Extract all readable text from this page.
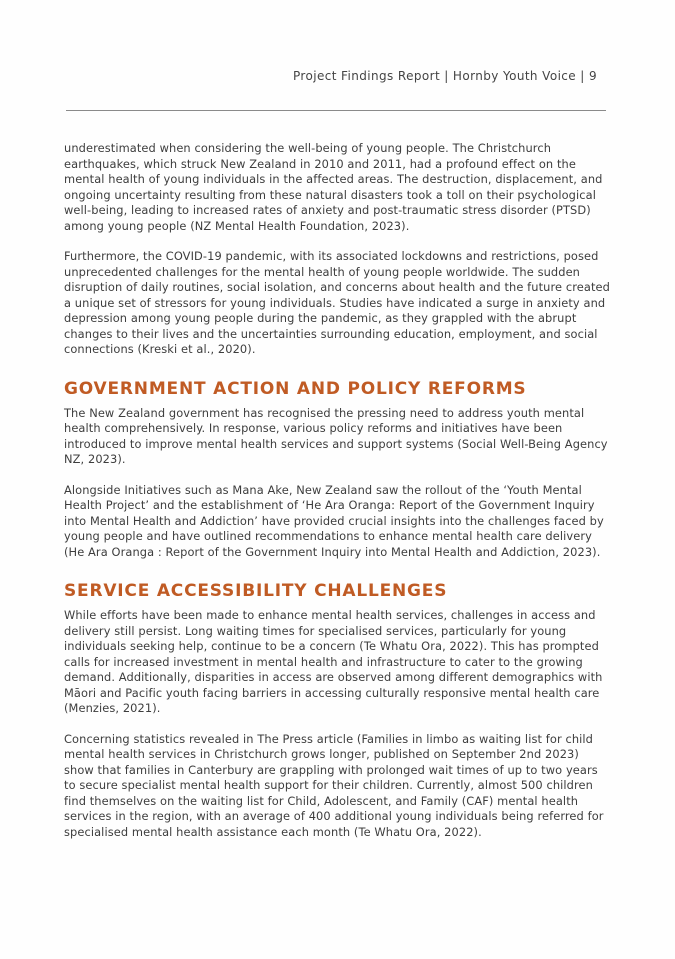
Project Findings Report | Hornby Youth Voice | 9

underestimated when considering the well-being of young people. The Christchurch earthquakes, which struck New Zealand in 2010 and 2011, had a profound effect on the mental health of young individuals in the affected areas. The destruction, displacement, and ongoing uncertainty resulting from these natural disasters took a toll on their psychological well-being, leading to increased rates of anxiety and post-traumatic stress disorder (PTSD) among young people (NZ Mental Health Foundation, 2023).

Furthermore, the COVID-19 pandemic, with its associated lockdowns and restrictions, posed unprecedented challenges for the mental health of young people worldwide. The sudden disruption of daily routines, social isolation, and concerns about health and the future created a unique set of stressors for young individuals. Studies have indicated a surge in anxiety and depression among young people during the pandemic, as they grappled with the abrupt changes to their lives and the uncertainties surrounding education, employment, and social connections (Kreski et al., 2020).

GOVERNMENT ACTION AND POLICY REFORMS

The New Zealand government has recognised the pressing need to address youth mental health comprehensively. In response, various policy reforms and initiatives have been introduced to improve mental health services and support systems (Social Well-Being Agency NZ, 2023).

Alongside Initiatives such as Mana Ake, New Zealand saw the rollout of the ‘Youth Mental Health Project’ and the establishment of ‘He Ara Oranga: Report of the Government Inquiry into Mental Health and Addiction’ have provided crucial insights into the challenges faced by young people and have outlined recommendations to enhance mental health care delivery (He Ara Oranga : Report of the Government Inquiry into Mental Health and Addiction, 2023).

SERVICE ACCESSIBILITY CHALLENGES

While efforts have been made to enhance mental health services, challenges in access and delivery still persist. Long waiting times for specialised services, particularly for young individuals seeking help, continue to be a concern (Te Whatu Ora, 2022). This has prompted calls for increased investment in mental health and infrastructure to cater to the growing demand. Additionally, disparities in access are observed among different demographics with Māori and Pacific youth facing barriers in accessing culturally responsive mental health care (Menzies, 2021).

Concerning statistics revealed in The Press article (Families in limbo as waiting list for child mental health services in Christchurch grows longer, published on September 2nd 2023) show that families in Canterbury are grappling with prolonged wait times of up to two years to secure specialist mental health support for their children. Currently, almost 500 children find themselves on the waiting list for Child, Adolescent, and Family (CAF) mental health services in the region, with an average of 400 additional young individuals being referred for specialised mental health assistance each month (Te Whatu Ora, 2022).
